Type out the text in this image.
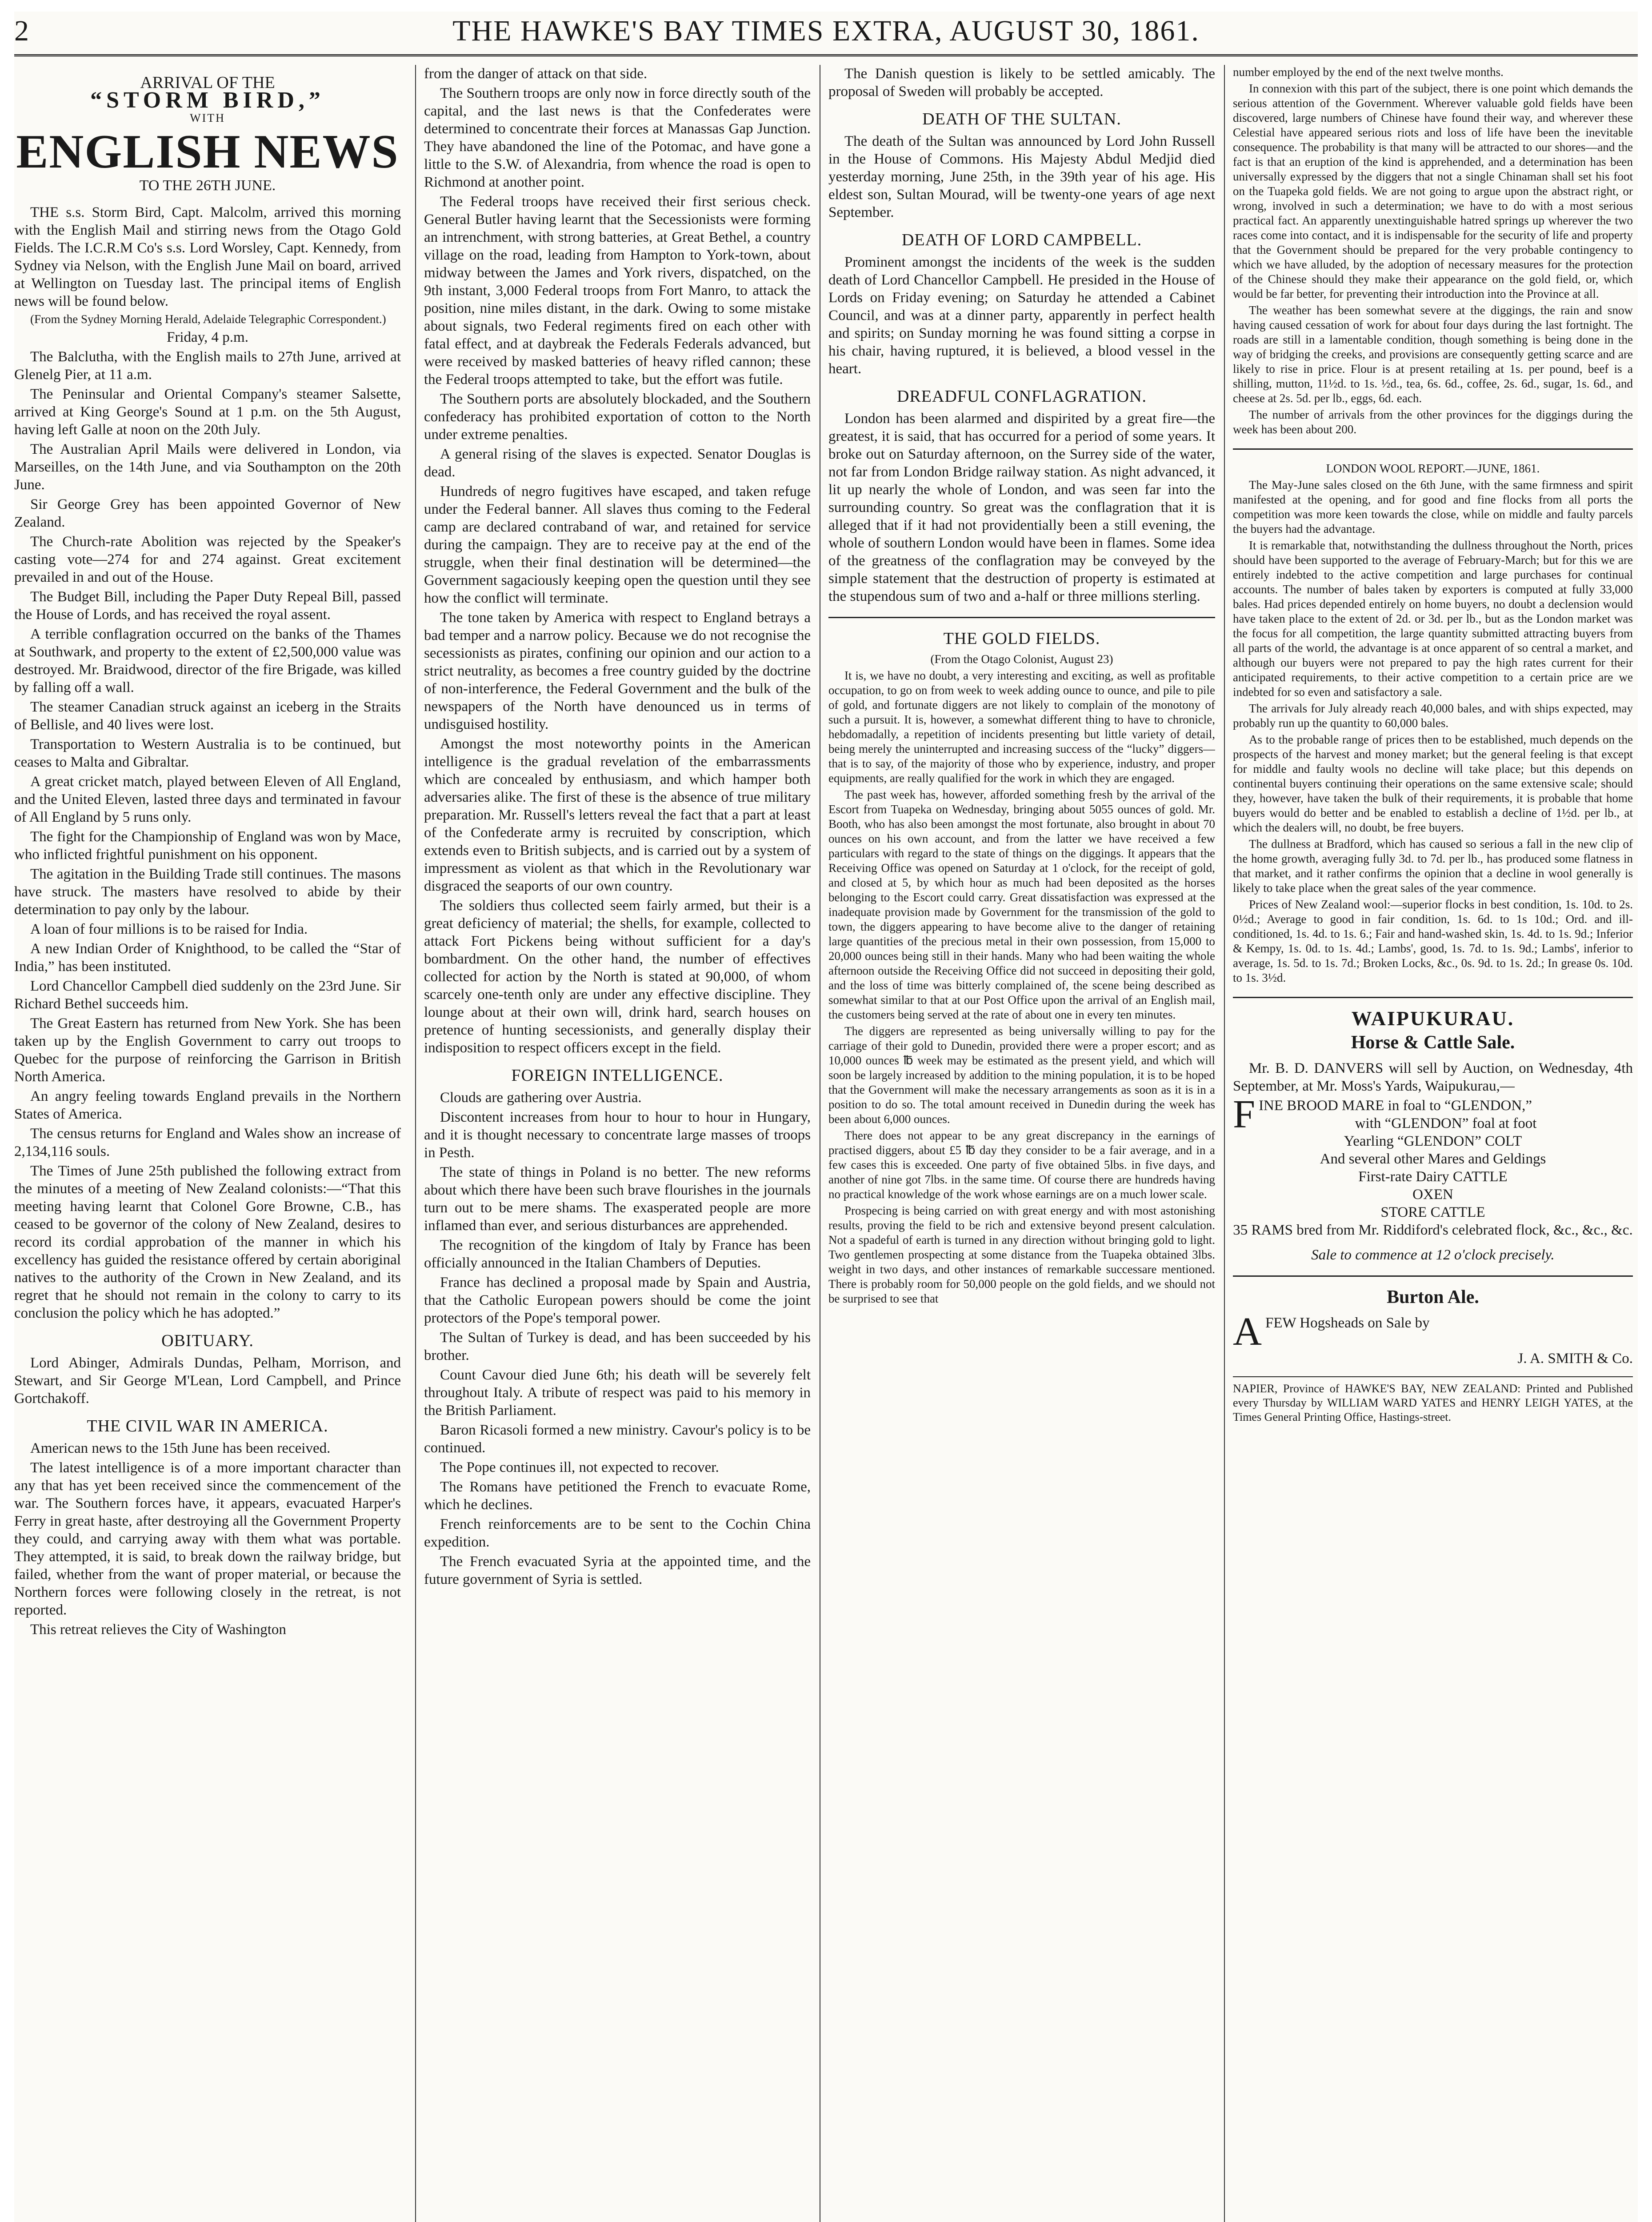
2	THE HAWKE'S BAY TIMES EXTRA, AUGUST 30, 1861.
ARRIVAL OF THE
“STORM BIRD,”
WITH
ENGLISH NEWS
TO THE 26TH JUNE.

THE s.s. Storm Bird, Capt. Malcolm, arrived this morning with the English Mail and stirring news from the Otago Gold Fields. The I.C.R.M Co's s.s. Lord Worsley, Capt. Kennedy, from Sydney via Nelson, with the English June Mail on board, arrived at Wellington on Tuesday last. The principal items of English news will be found below.

(From the Sydney Morning Herald, Adelaide Telegraphic Correspondent.)

Friday, 4 p.m.

The Balclutha, with the English mails to 27th June, arrived at Glenelg Pier, at 11 a.m.

The Peninsular and Oriental Company's steamer Salsette, arrived at King George's Sound at 1 p.m. on the 5th August, having left Galle at noon on the 20th July.

The Australian April Mails were delivered in London, via Marseilles, on the 14th June, and via Southampton on the 20th June.

Sir George Grey has been appointed Governor of New Zealand.

The Church-rate Abolition was rejected by the Speaker's casting vote—274 for and 274 against. Great excitement prevailed in and out of the House.

The Budget Bill, including the Paper Duty Repeal Bill, passed the House of Lords, and has received the royal assent.

A terrible conflagration occurred on the banks of the Thames at Southwark, and property to the extent of £2,500,000 value was destroyed. Mr. Braidwood, director of the fire Brigade, was killed by falling off a wall.

The steamer Canadian struck against an iceberg in the Straits of Bellisle, and 40 lives were lost.

Transportation to Western Australia is to be continued, but ceases to Malta and Gibraltar.

A great cricket match, played between Eleven of All England, and the United Eleven, lasted three days and terminated in favour of All England by 5 runs only.

The fight for the Championship of England was won by Mace, who inflicted frightful punishment on his opponent.

The agitation in the Building Trade still continues. The masons have struck. The masters have resolved to abide by their determination to pay only by the labour.

A loan of four millions is to be raised for India.

A new Indian Order of Knighthood, to be called the “Star of India,” has been instituted.

Lord Chancellor Campbell died suddenly on the 23rd June. Sir Richard Bethel succeeds him.

The Great Eastern has returned from New York. She has been taken up by the English Government to carry out troops to Quebec for the purpose of reinforcing the Garrison in British North America.

An angry feeling towards England prevails in the Northern States of America.

The census returns for England and Wales show an increase of 2,134,116 souls.

The Times of June 25th published the following extract from the minutes of a meeting of New Zealand colonists:—“That this meeting having learnt that Colonel Gore Browne, C.B., has ceased to be governor of the colony of New Zealand, desires to record its cordial approbation of the manner in which his excellency has guided the resistance offered by certain aboriginal natives to the authority of the Crown in New Zealand, and its regret that he should not remain in the colony to carry to its conclusion the policy which he has adopted.”

OBITUARY.

Lord Abinger, Admirals Dundas, Pelham, Morrison, and Stewart, and Sir George M'Lean, Lord Campbell, and Prince Gortchakoff.

THE CIVIL WAR IN AMERICA.

American news to the 15th June has been received.

The latest intelligence is of a more important character than any that has yet been received since the commencement of the war. The Southern forces have, it appears, evacuated Harper's Ferry in great haste, after destroying all the Government Property they could, and carrying away with them what was portable. They attempted, it is said, to break down the railway bridge, but failed, whether from the want of proper material, or because the Northern forces were following closely in the retreat, is not reported.

This retreat relieves the City of Washington

from the danger of attack on that side.

The Southern troops are only now in force directly south of the capital, and the last news is that the Confederates were determined to concentrate their forces at Manassas Gap Junction. They have abandoned the line of the Potomac, and have gone a little to the S.W. of Alexandria, from whence the road is open to Richmond at another point.

The Federal troops have received their first serious check. General Butler having learnt that the Secessionists were forming an intrenchment, with strong batteries, at Great Bethel, a country village on the road, leading from Hampton to York-town, about midway between the James and York rivers, dispatched, on the 9th instant, 3,000 Federal troops from Fort Manro, to attack the position, nine miles distant, in the dark. Owing to some mistake about signals, two Federal regiments fired on each other with fatal effect, and at daybreak the Federals Federals advanced, but were received by masked batteries of heavy rifled cannon; these the Federal troops attempted to take, but the effort was futile.

The Southern ports are absolutely blockaded, and the Southern confederacy has prohibited exportation of cotton to the North under extreme penalties.

A general rising of the slaves is expected. Senator Douglas is dead.

Hundreds of negro fugitives have escaped, and taken refuge under the Federal banner. All slaves thus coming to the Federal camp are declared contraband of war, and retained for service during the campaign. They are to receive pay at the end of the struggle, when their final destination will be determined—the Government sagaciously keeping open the question until they see how the conflict will terminate.

The tone taken by America with respect to England betrays a bad temper and a narrow policy. Because we do not recognise the secessionists as pirates, confining our opinion and our action to a strict neutrality, as becomes a free country guided by the doctrine of non-interference, the Federal Government and the bulk of the newspapers of the North have denounced us in terms of undisguised hostility.

Amongst the most noteworthy points in the American intelligence is the gradual revelation of the embarrassments which are concealed by enthusiasm, and which hamper both adversaries alike. The first of these is the absence of true military preparation. Mr. Russell's letters reveal the fact that a part at least of the Confederate army is recruited by conscription, which extends even to British subjects, and is carried out by a system of impressment as violent as that which in the Revolutionary war disgraced the seaports of our own country.

The soldiers thus collected seem fairly armed, but their is a great deficiency of material; the shells, for example, collected to attack Fort Pickens being without sufficient for a day's bombardment. On the other hand, the number of effectives collected for action by the North is stated at 90,000, of whom scarcely one-tenth only are under any effective discipline. They lounge about at their own will, drink hard, search houses on pretence of hunting secessionists, and generally display their indisposition to respect officers except in the field.

FOREIGN INTELLIGENCE.

Clouds are gathering over Austria.

Discontent increases from hour to hour to hour in Hungary, and it is thought necessary to concentrate large masses of troops in Pesth.

The state of things in Poland is no better. The new reforms about which there have been such brave flourishes in the journals turn out to be mere shams. The exasperated people are more inflamed than ever, and serious disturbances are apprehended.

The recognition of the kingdom of Italy by France has been officially announced in the Italian Chambers of Deputies.

France has declined a proposal made by Spain and Austria, that the Catholic European powers should be come the joint protectors of the Pope's temporal power.

The Sultan of Turkey is dead, and has been succeeded by his brother.

Count Cavour died June 6th; his death will be severely felt throughout Italy. A tribute of respect was paid to his memory in the British Parliament.

Baron Ricasoli formed a new ministry. Cavour's policy is to be continued.

The Pope continues ill, not expected to recover.

The Romans have petitioned the French to evacuate Rome, which he declines.

French reinforcements are to be sent to the Cochin China expedition.

The French evacuated Syria at the appointed time, and the future government of Syria is settled.

The Danish question is likely to be settled amicably. The proposal of Sweden will probably be accepted.

DEATH OF THE SULTAN.

The death of the Sultan was announced by Lord John Russell in the House of Commons. His Majesty Abdul Medjid died yesterday morning, June 25th, in the 39th year of his age. His eldest son, Sultan Mourad, will be twenty-one years of age next September.

DEATH OF LORD CAMPBELL.

Prominent amongst the incidents of the week is the sudden death of Lord Chancellor Campbell. He presided in the House of Lords on Friday evening; on Saturday he attended a Cabinet Council, and was at a dinner party, apparently in perfect health and spirits; on Sunday morning he was found sitting a corpse in his chair, having ruptured, it is believed, a blood vessel in the heart.

DREADFUL CONFLAGRATION.

London has been alarmed and dispirited by a great fire—the greatest, it is said, that has occurred for a period of some years. It broke out on Saturday afternoon, on the Surrey side of the water, not far from London Bridge railway station. As night advanced, it lit up nearly the whole of London, and was seen far into the surrounding country. So great was the conflagration that it is alleged that if it had not providentially been a still evening, the whole of southern London would have been in flames. Some idea of the greatness of the conflagration may be conveyed by the simple statement that the destruction of property is estimated at the stupendous sum of two and a-half or three millions sterling.

THE GOLD FIELDS.

(From the Otago Colonist, August 23)

It is, we have no doubt, a very interesting and exciting, as well as profitable occupation, to go on from week to week adding ounce to ounce, and pile to pile of gold, and fortunate diggers are not likely to complain of the monotony of such a pursuit. It is, however, a somewhat different thing to have to chronicle, hebdomadally, a repetition of incidents presenting but little variety of detail, being merely the uninterrupted and increasing success of the “lucky” diggers—that is to say, of the majority of those who by experience, industry, and proper equipments, are really qualified for the work in which they are engaged.

The past week has, however, afforded something fresh by the arrival of the Escort from Tuapeka on Wednesday, bringing about 5055 ounces of gold. Mr. Booth, who has also been amongst the most fortunate, also brought in about 70 ounces on his own account, and from the latter we have received a few particulars with regard to the state of things on the diggings. It appears that the Receiving Office was opened on Saturday at 1 o'clock, for the receipt of gold, and closed at 5, by which hour as much had been deposited as the horses belonging to the Escort could carry. Great dissatisfaction was expressed at the inadequate provision made by Government for the transmission of the gold to town, the diggers appearing to have become alive to the danger of retaining large quantities of the precious metal in their own possession, from 15,000 to 20,000 ounces being still in their hands. Many who had been waiting the whole afternoon outside the Receiving Office did not succeed in depositing their gold, and the loss of time was bitterly complained of, the scene being described as somewhat similar to that at our Post Office upon the arrival of an English mail, the customers being served at the rate of about one in every ten minutes.

The diggers are represented as being universally willing to pay for the carriage of their gold to Dunedin, provided there were a proper escort; and as 10,000 ounces ℔ week may be estimated as the present yield, and which will soon be largely increased by addition to the mining population, it is to be hoped that the Government will make the necessary arrangements as soon as it is in a position to do so. The total amount received in Dunedin during the week has been about 6,000 ounces.

There does not appear to be any great discrepancy in the earnings of practised diggers, about £5 ℔ day they consider to be a fair average, and in a few cases this is exceeded. One party of five obtained 5lbs. in five days, and another of nine got 7lbs. in the same time. Of course there are hundreds having no practical knowledge of the work whose earnings are on a much lower scale.

Prospecing is being carried on with great energy and with most astonishing results, proving the field to be rich and extensive beyond present calculation. Not a spadeful of earth is turned in any direction without bringing gold to light. Two gentlemen prospecting at some distance from the Tuapeka obtained 3lbs. weight in two days, and other instances of remarkable successare mentioned. There is probably room for 50,000 people on the gold fields, and we should not be surprised to see that

number employed by the end of the next twelve months.

In connexion with this part of the subject, there is one point which demands the serious attention of the Government. Wherever valuable gold fields have been discovered, large numbers of Chinese have found their way, and wherever these Celestial have appeared serious riots and loss of life have been the inevitable consequence. The probability is that many will be attracted to our shores—and the fact is that an eruption of the kind is apprehended, and a determination has been universally expressed by the diggers that not a single Chinaman shall set his foot on the Tuapeka gold fields. We are not going to argue upon the abstract right, or wrong, involved in such a determination; we have to do with a most serious practical fact. An apparently unextinguishable hatred springs up wherever the two races come into contact, and it is indispensable for the security of life and property that the Government should be prepared for the very probable contingency to which we have alluded, by the adoption of necessary measures for the protection of the Chinese should they make their appearance on the gold field, or, which would be far better, for preventing their introduction into the Province at all.

The weather has been somewhat severe at the diggings, the rain and snow having caused cessation of work for about four days during the last fortnight. The roads are still in a lamentable condition, though something is being done in the way of bridging the creeks, and provisions are consequently getting scarce and are likely to rise in price. Flour is at present retailing at 1s. per pound, beef is a shilling, mutton, 11½d. to 1s. ½d., tea, 6s. 6d., coffee, 2s. 6d., sugar, 1s. 6d., and cheese at 2s. 5d. per lb., eggs, 6d. each.

The number of arrivals from the other provinces for the diggings during the week has been about 200.

LONDON WOOL REPORT.—JUNE, 1861.

The May-June sales closed on the 6th June, with the same firmness and spirit manifested at the opening, and for good and fine flocks from all ports the competition was more keen towards the close, while on middle and faulty parcels the buyers had the advantage.

It is remarkable that, notwithstanding the dullness throughout the North, prices should have been supported to the average of February-March; but for this we are entirely indebted to the active competition and large purchases for continual accounts. The number of bales taken by exporters is computed at fully 33,000 bales. Had prices depended entirely on home buyers, no doubt a declension would have taken place to the extent of 2d. or 3d. per lb., but as the London market was the focus for all competition, the large quantity submitted attracting buyers from all parts of the world, the advantage is at once apparent of so central a market, and although our buyers were not prepared to pay the high rates current for their anticipated requirements, to their active competition to a certain price are we indebted for so even and satisfactory a sale.

The arrivals for July already reach 40,000 bales, and with ships expected, may probably run up the quantity to 60,000 bales.

As to the probable range of prices then to be established, much depends on the prospects of the harvest and money market; but the general feeling is that except for middle and faulty wools no decline will take place; but this depends on continental buyers continuing their operations on the same extensive scale; should they, however, have taken the bulk of their requirements, it is probable that home buyers would do better and be enabled to establish a decline of 1½d. per lb., at which the dealers will, no doubt, be free buyers.

The dullness at Bradford, which has caused so serious a fall in the new clip of the home growth, averaging fully 3d. to 7d. per lb., has produced some flatness in that market, and it rather confirms the opinion that a decline in wool generally is likely to take place when the great sales of the year commence.

Prices of New Zealand wool:—superior flocks in best condition, 1s. 10d. to 2s. 0½d.; Average to good in fair condition, 1s. 6d. to 1s 10d.; Ord. and ill-conditioned, 1s. 4d. to 1s. 6.; Fair and hand-washed skin, 1s. 4d. to 1s. 9d.; Inferior & Kempy, 1s. 0d. to 1s. 4d.; Lambs', good, 1s. 7d. to 1s. 9d.; Lambs', inferior to average, 1s. 5d. to 1s. 7d.; Broken Locks, &c., 0s. 9d. to 1s. 2d.; In grease 0s. 10d. to 1s. 3½d.

WAIPUKURAU.
Horse & Cattle Sale.

Mr. B. D. DANVERS will sell by Auction, on Wednesday, 4th September, at Mr. Moss's Yards, Waipukurau,—

FINE BROOD MARE in foal to “GLENDON,”

with “GLENDON” foal at foot

Yearling “GLENDON” COLT

And several other Mares and Geldings

First-rate Dairy CATTLE

OXEN

STORE CATTLE

35 RAMS bred from Mr. Riddiford's celebrated flock, &c., &c., &c.

Sale to commence at 12 o'clock precisely.

Burton Ale.

AFEW Hogsheads on Sale by

J. A. SMITH & Co.

NAPIER, Province of HAWKE'S BAY, NEW ZEALAND: Printed and Published every Thursday by WILLIAM WARD YATES and HENRY LEIGH YATES, at the Times General Printing Office, Hastings-street.
